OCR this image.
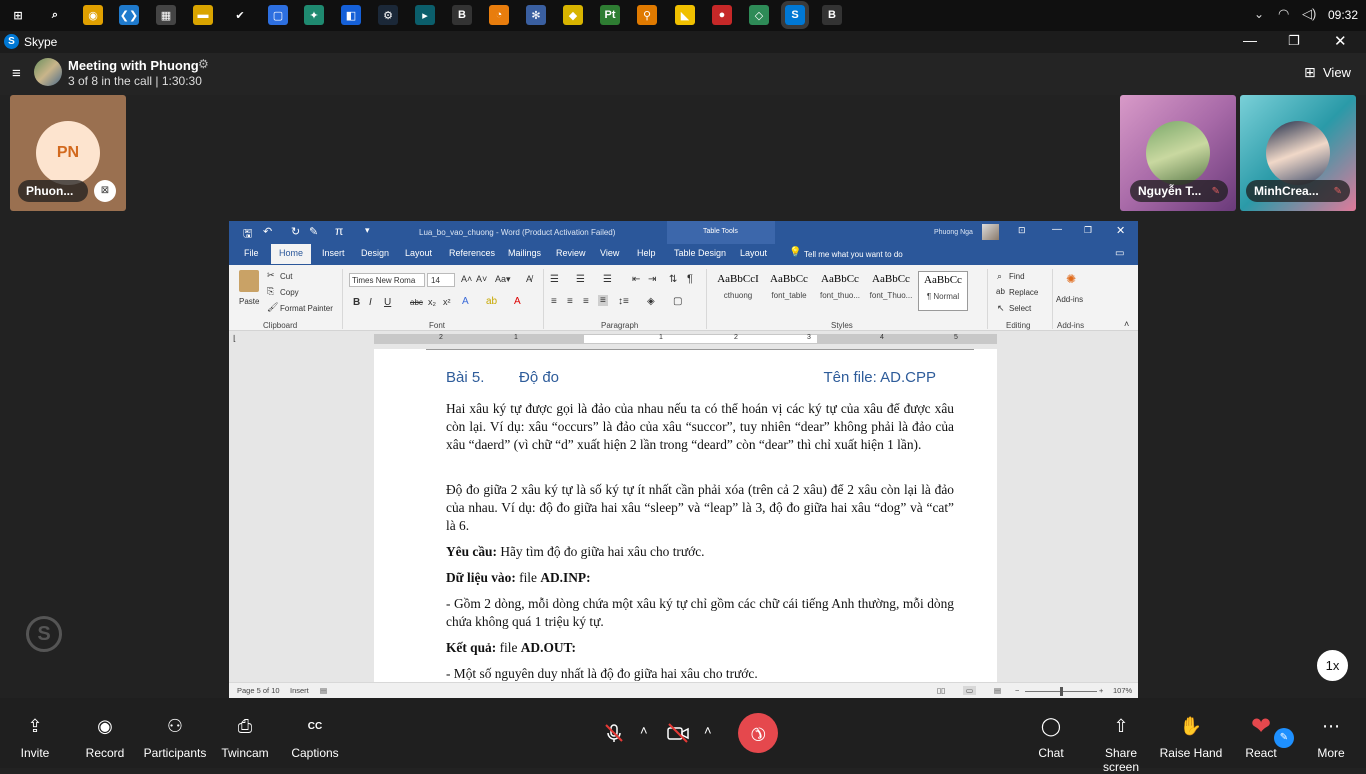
⊞	⌕	◉	❮❯	▦	▬	✔	▢	✦	◧	⚙	▸	B	◔	✻	◆	Pt	⚲	◣	●	◇	S	B	⌄ ◠ ◁) 09:32
S Skype	— ❐ ✕
≡	Meeting with Phuong ⚙
3 of 8 in the call | 1:30:30
⊞ View
PN
Phuon...	⊠	Nguyễn T... ✎	MinhCrea... ✎
S
🖫 ↶ ↻ ✎ π ▾	Lua_bo_vao_chuong - Word (Product Activation Failed)	Table Tools	Phuong Nga	⊡	— ❐ ✕
File	Home	Insert Design Layout References Mailings Review View Help Table Design Layout 💡 Tell me what you want to do	▭
Paste
✂ Cut
⎘ Copy
🖌 Format Painter
Clipboard
Times New Roma 14 A˄ A˅ Aa▾ A̸
B I U abc x₂ x² A ab A
Font
☰ ☰ ☰ ⇤ ⇥ ⇅ ¶
≡ ≡ ≡ ≡ ↕≡ ◈ ▢
Paragraph
AaBbCcI
cthuong
AaBbCc
font_table
AaBbCc
font_thuo...
AaBbCc
font_Thuo...
AaBbCc
¶ Normal
Styles
⌕ Find
ab Replace
↖ Select
Editing
✺
Add-ins
Add-ins	˄
⌊	2	1	1	2	3	4	5
Bài 5. Độ đo	Tên file: AD.CPP
Hai xâu ký tự được gọi là đảo của nhau nếu ta có thể hoán vị các ký tự của xâu để được xâu còn lại. Ví dụ: xâu “occurs” là đảo của xâu “succor”, tuy nhiên “dear” không phải là đảo của xâu “daerd” (vì chữ “d” xuất hiện 2 lần trong “deard” còn “dear” thì chỉ xuất hiện 1 lần).
Độ đo giữa 2 xâu ký tự là số ký tự ít nhất cần phải xóa (trên cả 2 xâu) để 2 xâu còn lại là đảo của nhau. Ví dụ: độ đo giữa hai xâu “sleep” và “leap” là 3, độ đo giữa hai xâu “dog” và “cat” là 6.
Yêu cầu: Hãy tìm độ đo giữa hai xâu cho trước.
Dữ liệu vào: file AD.INP:
- Gồm 2 dòng, mỗi dòng chứa một xâu ký tự chỉ gồm các chữ cái tiếng Anh thường, mỗi dòng chứa không quá 1 triệu ký tự.
Kết quả: file AD.OUT:
- Một số nguyên duy nhất là độ đo giữa hai xâu cho trước.
Page 5 of 10 Insert ▤	▯▯	▭	▤ −	+ 107%
1x
⇪
Invite
◉
Record
⚇
Participants
⎙
Twincam
CC
Captions
˄	˄ ✆	◯
Chat
⇧
Share screen
✋
Raise Hand
❤
React
⋯
More
✎
